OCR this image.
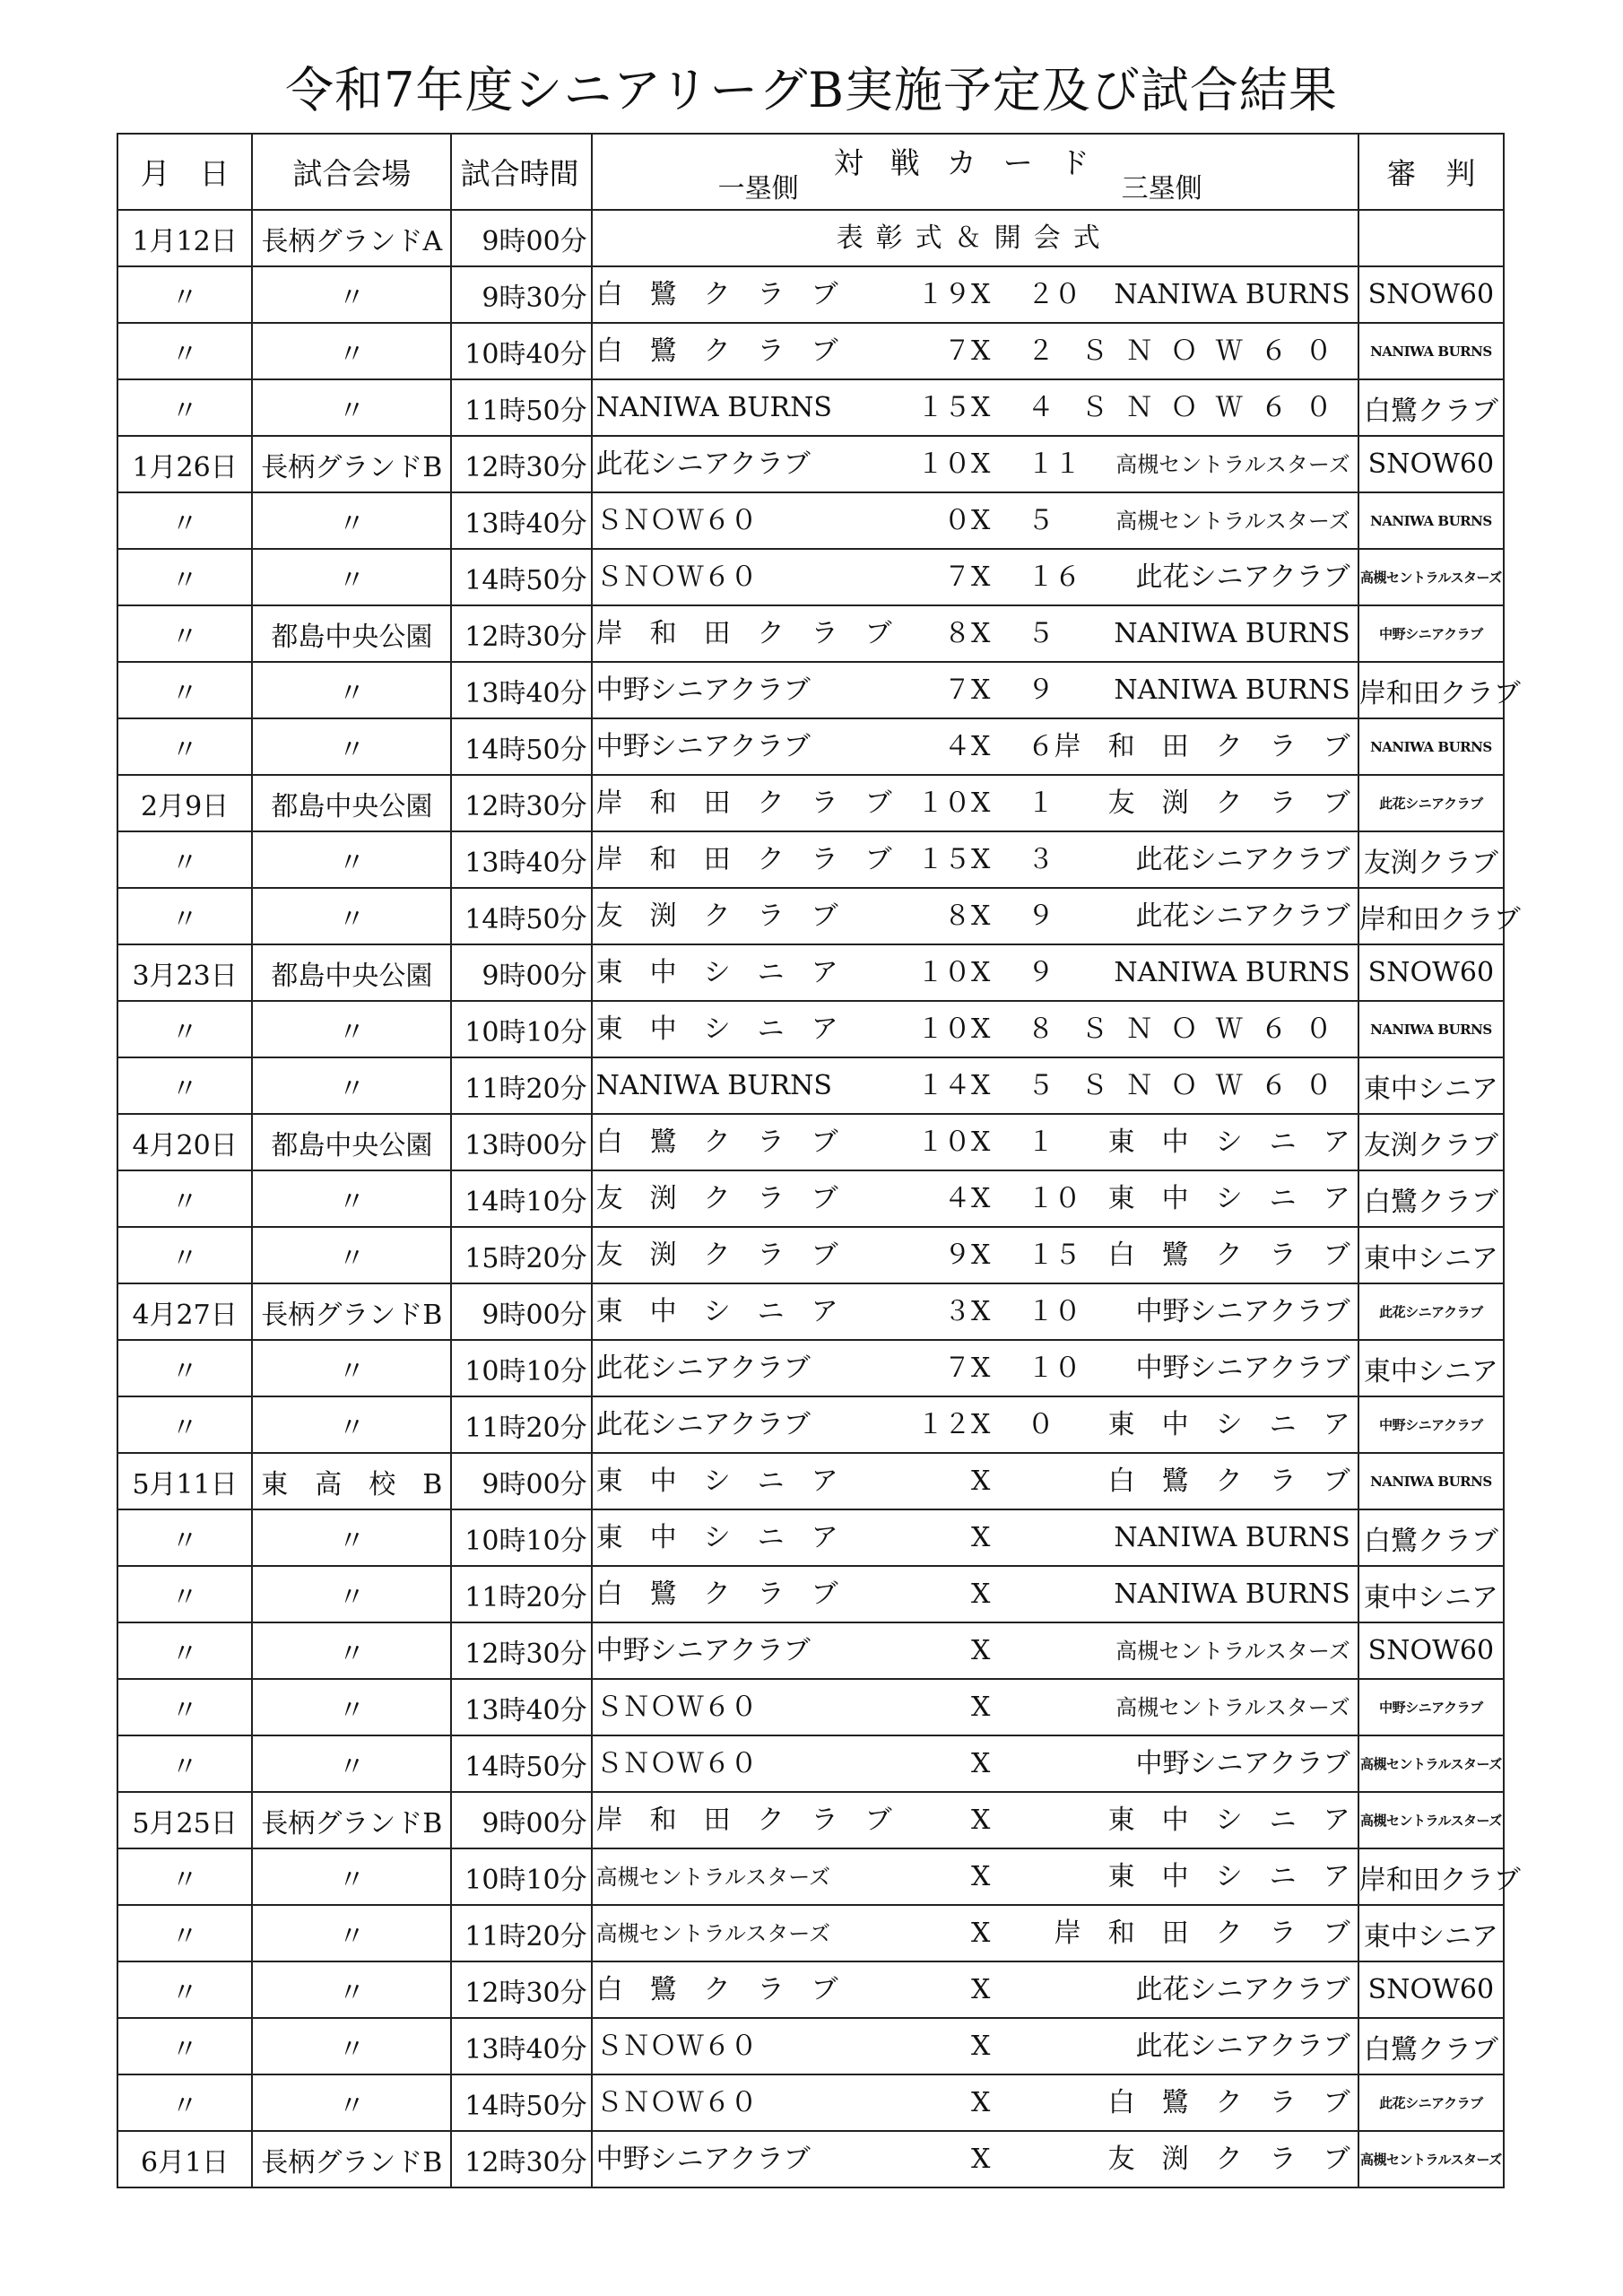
令和7年度シニアリーグB実施予定及び試合結果
月　日	試合会場	試合時間	対戦カード
一塁側 三塁側	審　判
1月12日	長柄グランドA	9時00分	表彰式＆開会式	

〃	〃	9時30分	白　鷺　ク　ラ　ブ １９ X ２０ NANIWA BURNS	SNOW60
〃	〃	10時40分	白　鷺　ク　ラ　ブ ７ X ２ ＳＮＯＷ６０	NANIWA BURNS
〃	〃	11時50分	NANIWA BURNS １５ X ４ ＳＮＯＷ６０	白鷺クラブ
1月26日	長柄グランドB	12時30分	此花シニアクラブ １０ X １１ 高槻セントラルスターズ	SNOW60
〃	〃	13時40分	ＳＮＯＷ６０ ０ X ５ 高槻セントラルスターズ	NANIWA BURNS
〃	〃	14時50分	ＳＮＯＷ６０ ７ X １６ 此花シニアクラブ	高槻セントラルスターズ
〃	都島中央公園	12時30分	岸　和　田　ク　ラ　ブ ８ X ５ NANIWA BURNS	中野シニアクラブ
〃	〃	13時40分	中野シニアクラブ ７ X ９ NANIWA BURNS	岸和田クラブ
〃	〃	14時50分	中野シニアクラブ ４ X ６ 岸　和　田　ク　ラ　ブ	NANIWA BURNS
2月9日	都島中央公園	12時30分	岸　和　田　ク　ラ　ブ １０ X １ 友　渕　ク　ラ　ブ	此花シニアクラブ
〃	〃	13時40分	岸　和　田　ク　ラ　ブ １５ X ３ 此花シニアクラブ	友渕クラブ
〃	〃	14時50分	友　渕　ク　ラ　ブ ８ X ９ 此花シニアクラブ	岸和田クラブ
3月23日	都島中央公園	9時00分	東　中　シ　ニ　ア １０ X ９ NANIWA BURNS	SNOW60
〃	〃	10時10分	東　中　シ　ニ　ア １０ X ８ ＳＮＯＷ６０	NANIWA BURNS
〃	〃	11時20分	NANIWA BURNS １４ X ５ ＳＮＯＷ６０	東中シニア
4月20日	都島中央公園	13時00分	白　鷺　ク　ラ　ブ １０ X １ 東　中　シ　ニ　ア	友渕クラブ
〃	〃	14時10分	友　渕　ク　ラ　ブ ４ X １０ 東　中　シ　ニ　ア	白鷺クラブ
〃	〃	15時20分	友　渕　ク　ラ　ブ ９ X １５ 白　鷺　ク　ラ　ブ	東中シニア
4月27日	長柄グランドB	9時00分	東　中　シ　ニ　ア ３ X １０ 中野シニアクラブ	此花シニアクラブ
〃	〃	10時10分	此花シニアクラブ ７ X １０ 中野シニアクラブ	東中シニア
〃	〃	11時20分	此花シニアクラブ １２ X ０ 東　中　シ　ニ　ア	中野シニアクラブ
5月11日	東　高　校　B	9時00分	東　中　シ　ニ　ア X 白　鷺　ク　ラ　ブ	NANIWA BURNS
〃	〃	10時10分	東　中　シ　ニ　ア X NANIWA BURNS	白鷺クラブ
〃	〃	11時20分	白　鷺　ク　ラ　ブ X NANIWA BURNS	東中シニア
〃	〃	12時30分	中野シニアクラブ X 高槻セントラルスターズ	SNOW60
〃	〃	13時40分	ＳＮＯＷ６０ X 高槻セントラルスターズ	中野シニアクラブ
〃	〃	14時50分	ＳＮＯＷ６０ X 中野シニアクラブ	高槻セントラルスターズ
5月25日	長柄グランドB	9時00分	岸　和　田　ク　ラ　ブ X 東　中　シ　ニ　ア	高槻セントラルスターズ
〃	〃	10時10分	高槻セントラルスターズ X 東　中　シ　ニ　ア	岸和田クラブ
〃	〃	11時20分	高槻セントラルスターズ X 岸　和　田　ク　ラ　ブ	東中シニア
〃	〃	12時30分	白　鷺　ク　ラ　ブ X 此花シニアクラブ	SNOW60
〃	〃	13時40分	ＳＮＯＷ６０ X 此花シニアクラブ	白鷺クラブ
〃	〃	14時50分	ＳＮＯＷ６０ X 白　鷺　ク　ラ　ブ	此花シニアクラブ
6月1日	長柄グランドB	12時30分	中野シニアクラブ X 友　渕　ク　ラ　ブ	高槻セントラルスターズ
